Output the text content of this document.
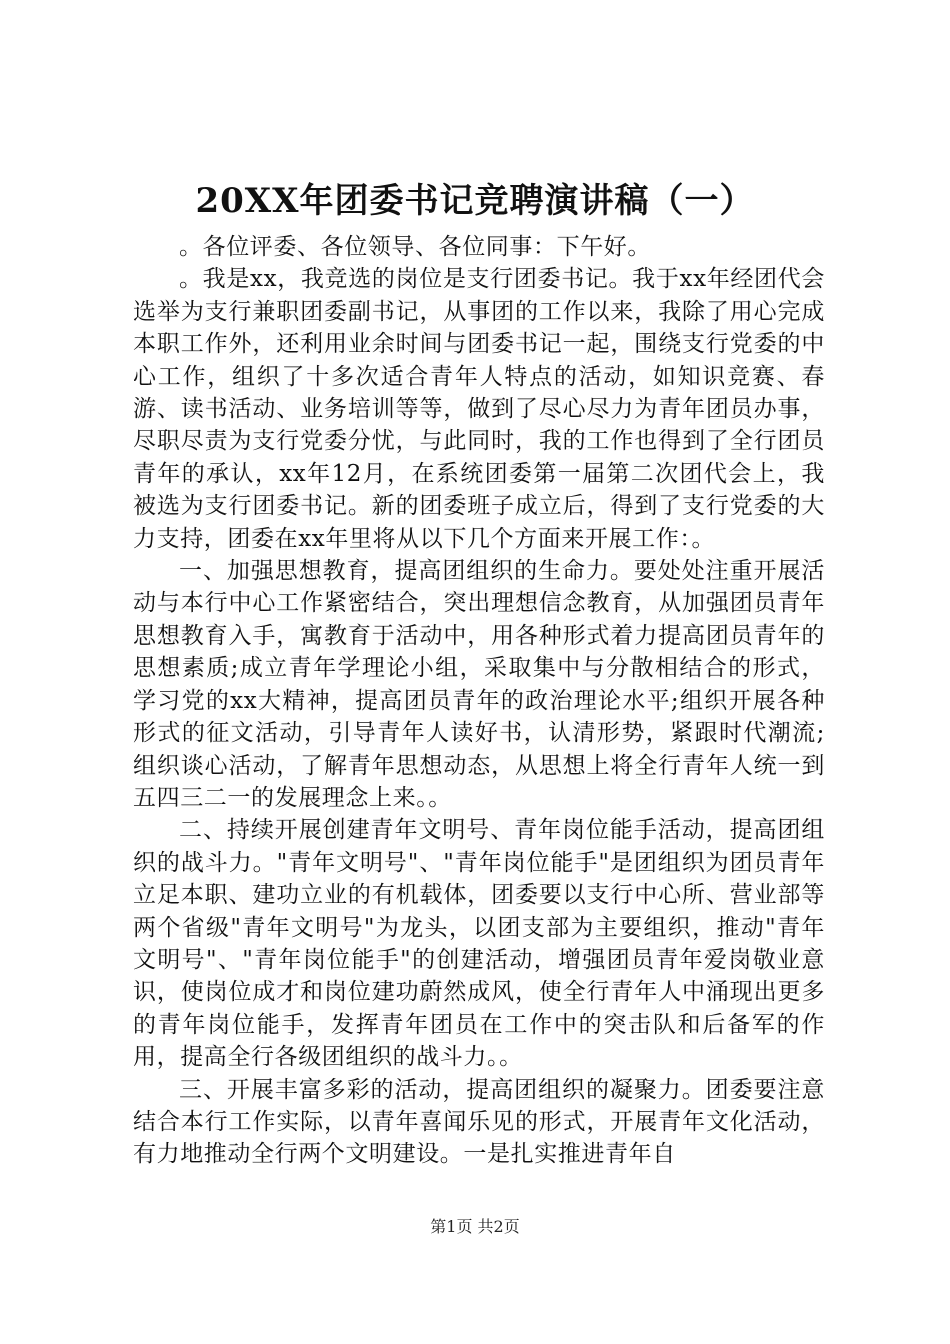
20XX年团委书记竞聘演讲稿（一）

。各位评委、各位领导、各位同事：下午好。

。我是xx，我竞选的岗位是支行团委书记。我于xx年经团代会选举为支行兼职团委副书记，从事团的工作以来，我除了用心完成本职工作外，还利用业余时间与团委书记一起，围绕支行党委的中心工作，组织了十多次适合青年人特点的活动，如知识竞赛、春游、读书活动、业务培训等等，做到了尽心尽力为青年团员办事，尽职尽责为支行党委分忧，与此同时，我的工作也得到了全行团员青年的承认，xx年12月，在系统团委第一届第二次团代会上，我被选为支行团委书记。新的团委班子成立后，得到了支行党委的大力支持，团委在xx年里将从以下几个方面来开展工作：。

一、加强思想教育，提高团组织的生命力。要处处注重开展活动与本行中心工作紧密结合，突出理想信念教育，从加强团员青年思想教育入手，寓教育于活动中，用各种形式着力提高团员青年的思想素质;成立青年学理论小组，采取集中与分散相结合的形式，学习党的xx大精神，提高团员青年的政治理论水平;组织开展各种形式的征文活动，引导青年人读好书，认清形势，紧跟时代潮流;组织谈心活动，了解青年思想动态，从思想上将全行青年人统一到五四三二一的发展理念上来。。

二、持续开展创建青年文明号、青年岗位能手活动，提高团组织的战斗力。"青年文明号"、"青年岗位能手"是团组织为团员青年立足本职、建功立业的有机载体，团委要以支行中心所、营业部等两个省级"青年文明号"为龙头，以团支部为主要组织，推动"青年文明号"、"青年岗位能手"的创建活动，增强团员青年爱岗敬业意识，使岗位成才和岗位建功蔚然成风，使全行青年人中涌现出更多的青年岗位能手，发挥青年团员在工作中的突击队和后备军的作用，提高全行各级团组织的战斗力。。

三、开展丰富多彩的活动，提高团组织的凝聚力。团委要注意结合本行工作实际，以青年喜闻乐见的形式，开展青年文化活动，有力地推动全行两个文明建设。一是扎实推进青年自

第1页 共2页
